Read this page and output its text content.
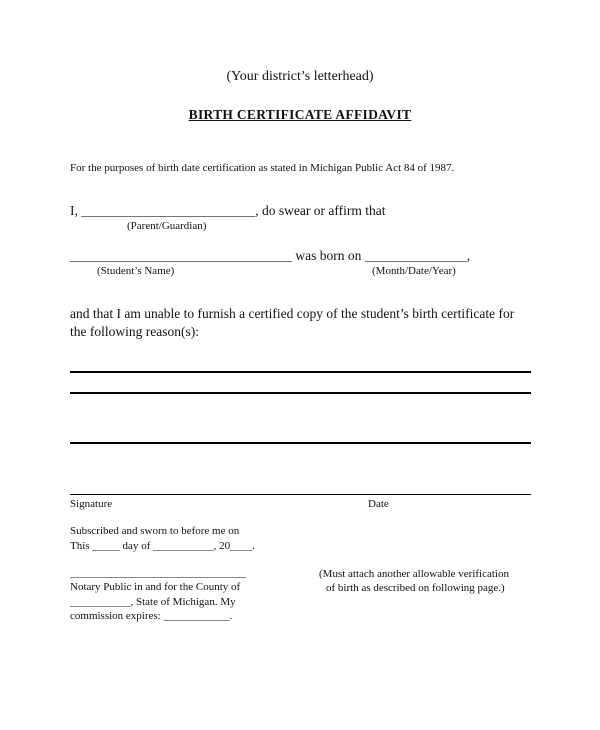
(Your district’s letterhead)
BIRTH CERTIFICATE AFFIDAVIT
For the purposes of birth date certification as stated in Michigan Public Act 84 of 1987.
I, _____________________________, do swear or affirm that
(Parent/Guardian)
_____________________________________ was born on _________________,
(Student’s Name)	(Month/Date/Year)
and that I am unable to furnish a certified copy of the student’s birth certificate for
the following reason(s):
Signature	Date
Subscribed and sworn to before me on
This _____ day of ___________, 20____.
________________________________
Notary Public in and for the County of
___________, State of Michigan. My
commission expires: ____________.
(Must attach another allowable verification
of birth as described on following page.)
